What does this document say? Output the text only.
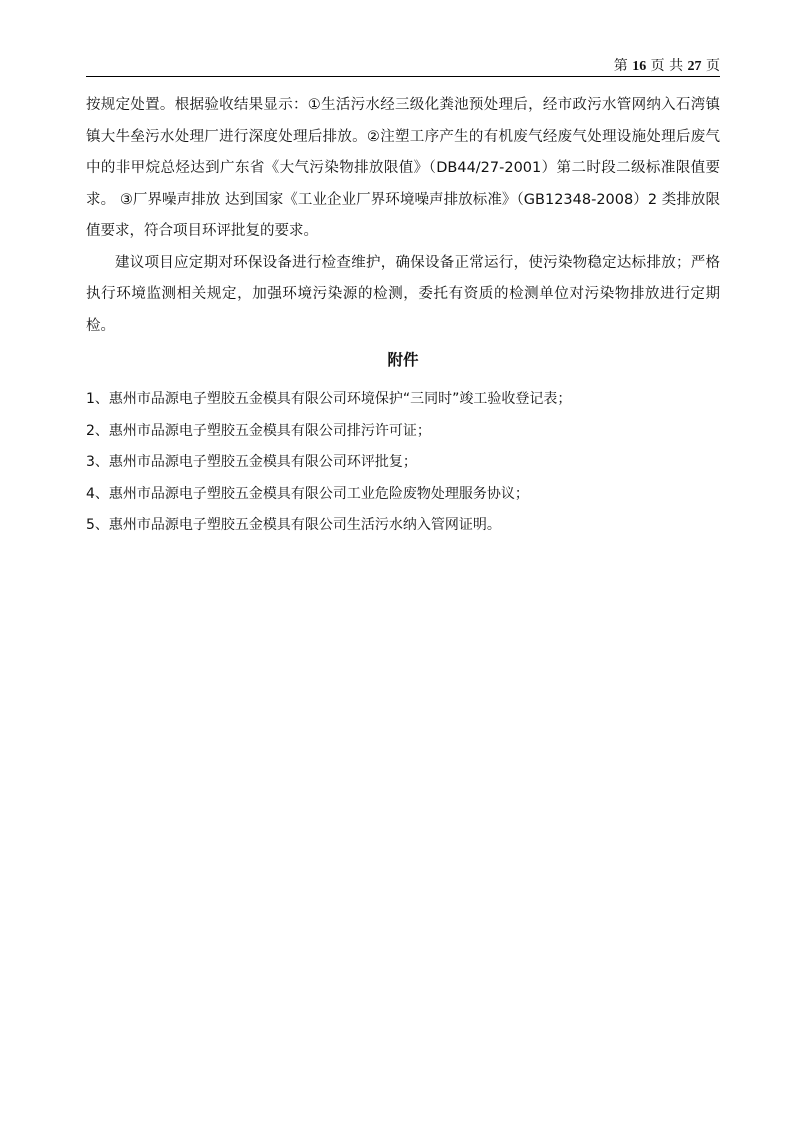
第 16 页 共 27 页

按规定处置。根据验收结果显示：①生活污水经三级化粪池预处理后，经市政污水管网纳入石湾镇镇大牛垒污水处理厂进行深度处理后排放。②注塑工序产生的有机废气经废气处理设施处理后废气中的非甲烷总烃达到广东省《大气污染物排放限值》（DB44/27-2001）第二时段二级标准限值要求。 ③厂界噪声排放 达到国家《工业企业厂界环境噪声排放标准》（GB12348-2008）2 类排放限值要求，符合项目环评批复的要求。

建议项目应定期对环保设备进行检查维护，确保设备正常运行，使污染物稳定达标排放；严格执行环境监测相关规定，加强环境污染源的检测，委托有资质的检测单位对污染物排放进行定期检。

附件
1、惠州市品源电子塑胶五金模具有限公司环境保护“三同时”竣工验收登记表；
2、惠州市品源电子塑胶五金模具有限公司排污许可证；
3、惠州市品源电子塑胶五金模具有限公司环评批复；
4、惠州市品源电子塑胶五金模具有限公司工业危险废物处理服务协议；
5、惠州市品源电子塑胶五金模具有限公司生活污水纳入管网证明。
